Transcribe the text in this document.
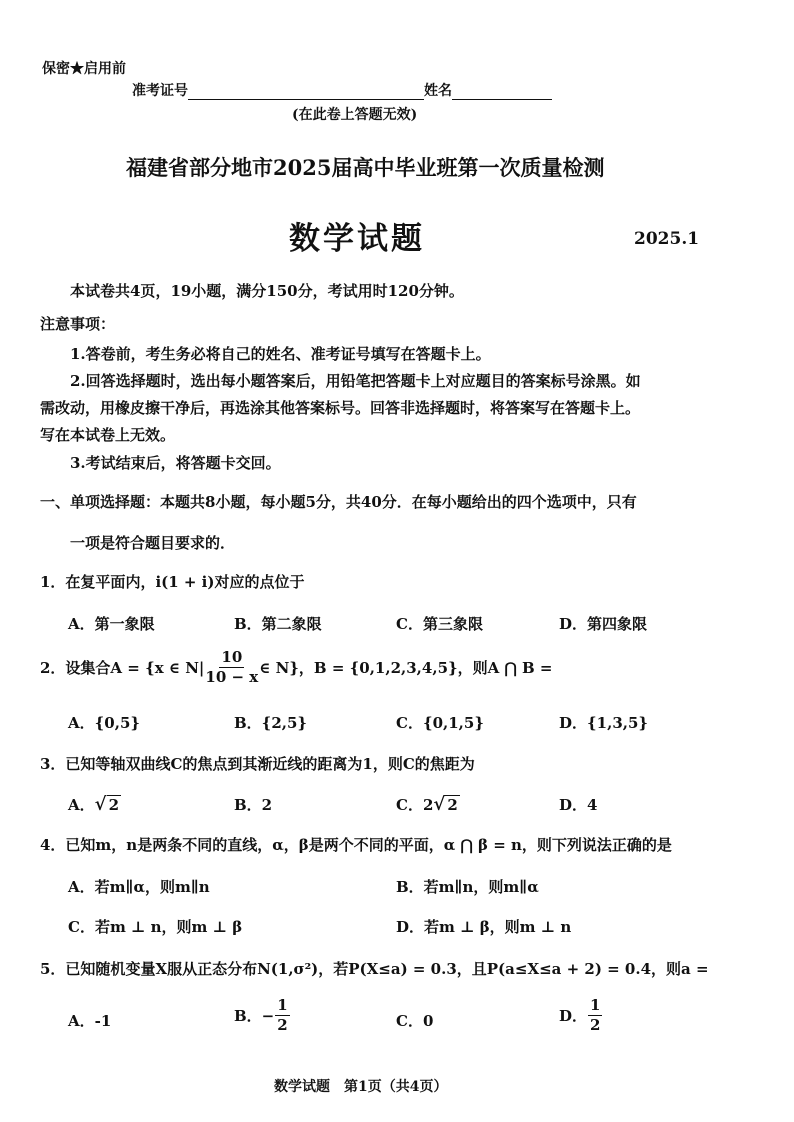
保密★启用前
准考证号	姓名
(在此卷上答题无效)
福建省部分地市2025届高中毕业班第一次质量检测
数学试题	2025.1
本试卷共4页，19小题，满分150分，考试用时120分钟。
注意事项：
1.答卷前，考生务必将自己的姓名、准考证号填写在答题卡上。
2.回答选择题时，选出每小题答案后，用铅笔把答题卡上对应题目的答案标号涂黑。如
需改动，用橡皮擦干净后，再选涂其他答案标号。回答非选择题时，将答案写在答题卡上。
写在本试卷上无效。
3.考试结束后，将答题卡交回。
一、单项选择题：本题共8小题，每小题5分，共40分．在每小题给出的四个选项中，只有
一项是符合题目要求的．
1．在复平面内，i(1 + i)对应的点位于
A．第一象限	B．第二象限	C．第三象限	D．第四象限
2．设集合A = {x ∈ $N| \frac{10}{10 - x}$ ∈ N}，B = {0,1,2,3,4,5}，则A ⋂ B =
A．{0,5}	B．{2,5}	C．{0,1,5}	D．{1,3,5}
3．已知等轴双曲线C的焦点到其渐近线的距离为1，则C的焦距为
A． √ 2	B．2	C．2 √ 2	D．4
4．已知m，n是两条不同的直线，α，β是两个不同的平面，α ⋂ β = n，则下列说法正确的是
A．若m∥α，则m∥n	B．若m∥n，则m∥α
C．若m ⊥ n，则m ⊥ β	D．若m ⊥ β，则m ⊥ n
5．已知随机变量X服从正态分布N(1,σ²)，若P(X≤a) = 0.3，且P(a≤X≤a + 2) = 0.4，则a =
A．-1	B．− $\frac{1}{2}$	C．0	D． $\frac{1}{2}$
数学试题　第1页（共4页）
